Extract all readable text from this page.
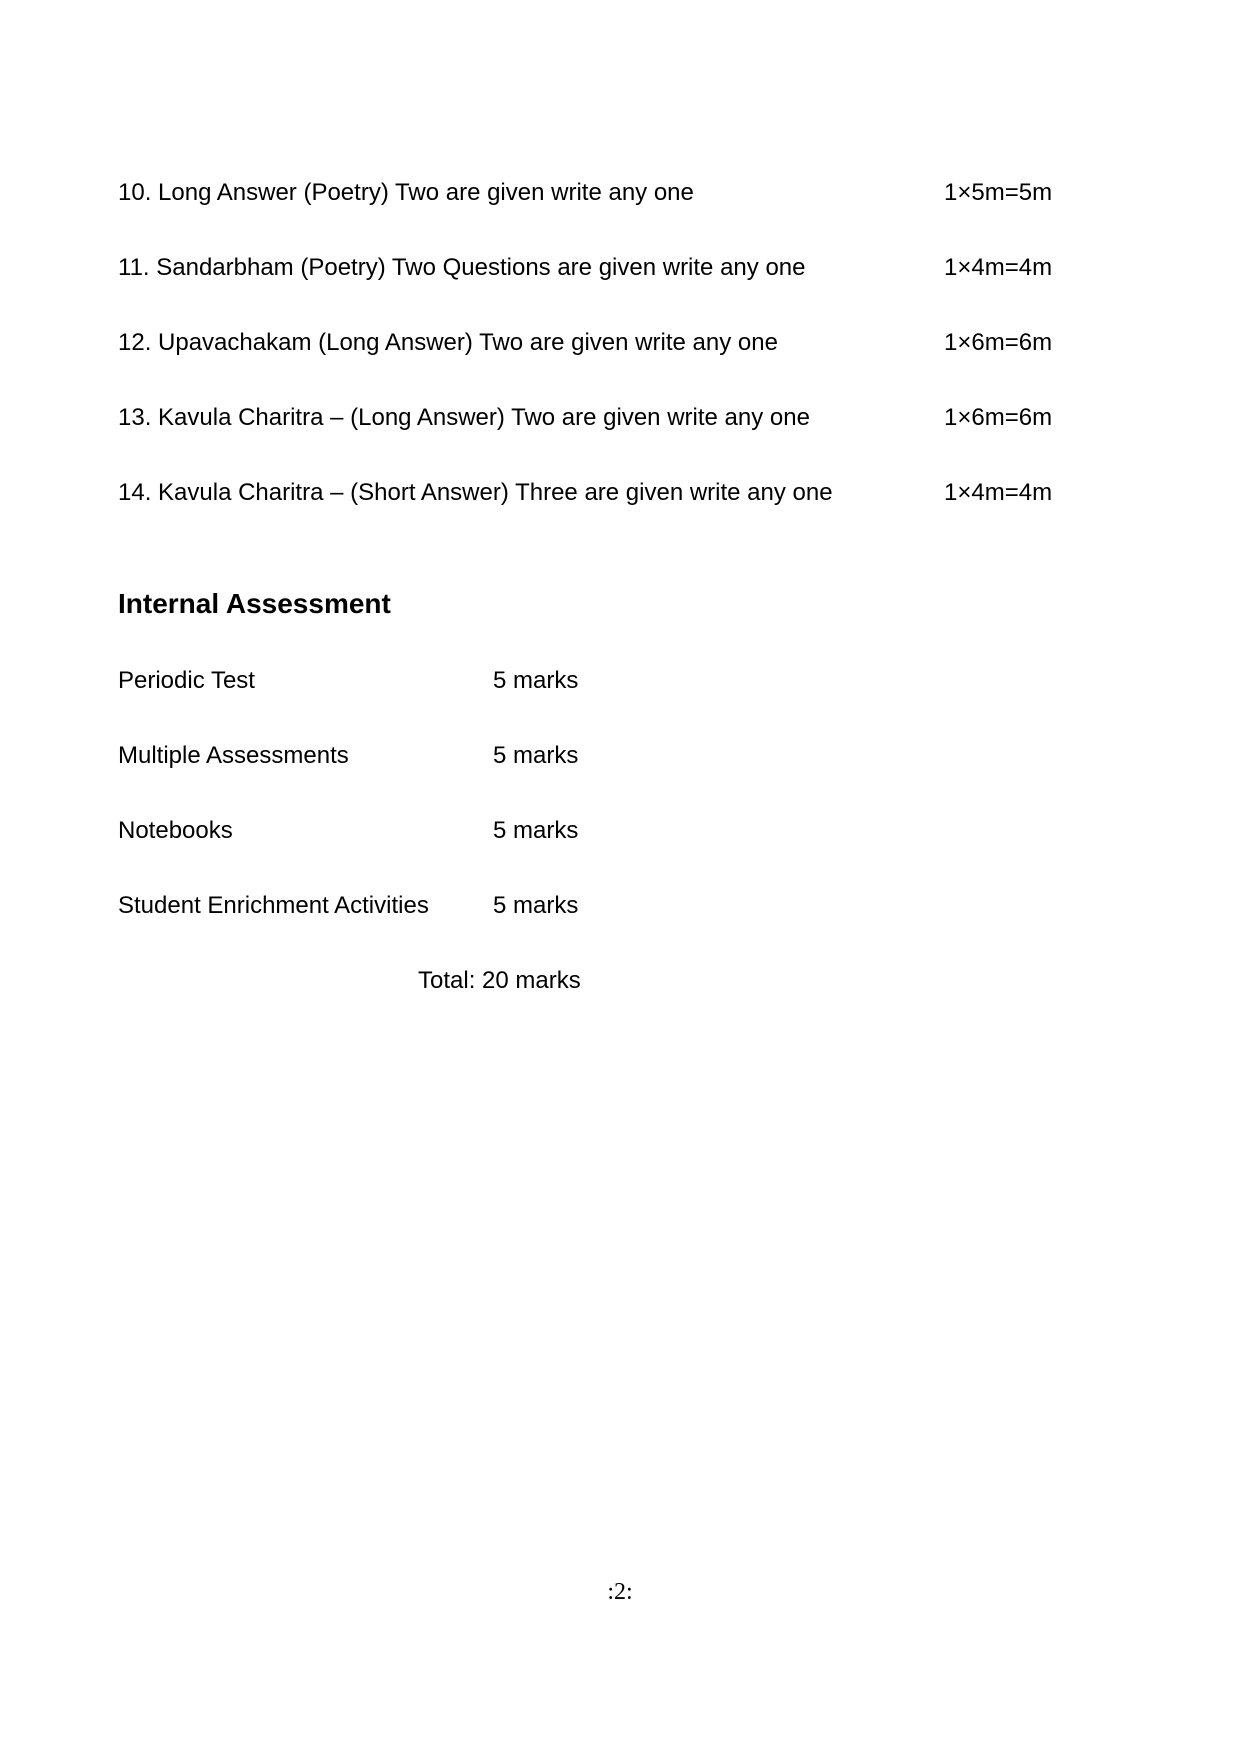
10. Long Answer (Poetry) Two are given write any one	1×5m=5m
11. Sandarbham (Poetry) Two Questions are given write any one	1×4m=4m
12. Upavachakam (Long Answer) Two are given write any one	1×6m=6m
13. Kavula Charitra – (Long Answer) Two are given write any one	1×6m=6m
14. Kavula Charitra – (Short Answer) Three are given write any one	1×4m=4m
Internal Assessment
Periodic Test	5 marks
Multiple Assessments	5 marks
Notebooks	5 marks
Student Enrichment Activities	5 marks
Total: 20 marks
:2:
